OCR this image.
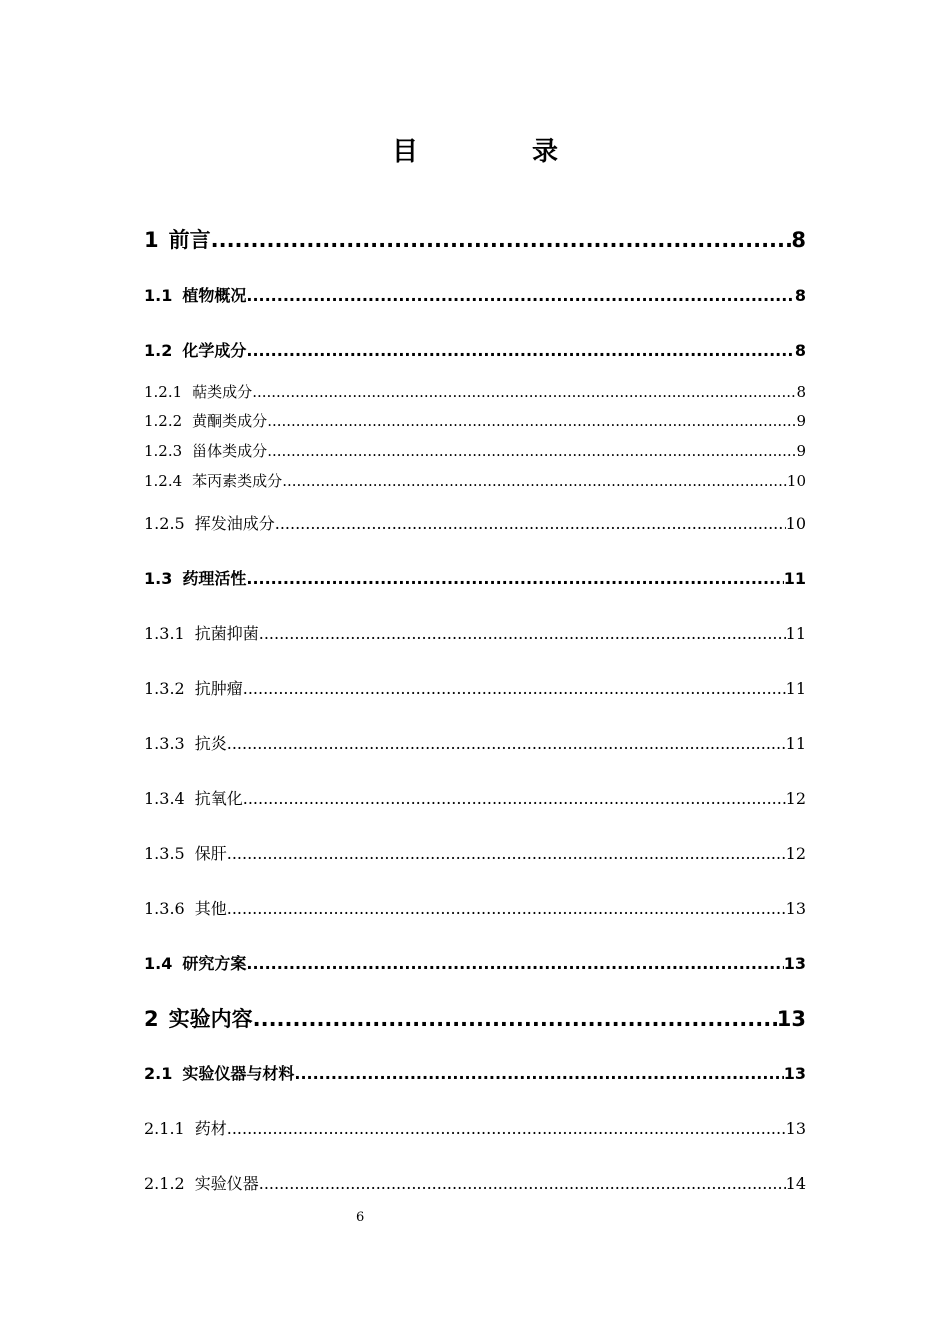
目　录
1 前言 .....	8
1.1 植物概况 .....	8
1.2 化学成分 .....	8
1.2.1 萜类成分 .....	8
1.2.2 黄酮类成分 .....	9
1.2.3 甾体类成分 .....	9
1.2.4 苯丙素类成分 .....	10
1.2.5 挥发油成分 .....	10
1.3 药理活性 .....	11
1.3.1 抗菌抑菌 .....	11
1.3.2 抗肿瘤 .....	11
1.3.3 抗炎 .....	11
1.3.4 抗氧化 .....	12
1.3.5 保肝 .....	12
1.3.6 其他 .....	13
1.4 研究方案 .....	13
2 实验内容 .....	13
2.1 实验仪器与材料 .....	13
2.1.1 药材 .....	13
2.1.2 实验仪器 .....	14
6
